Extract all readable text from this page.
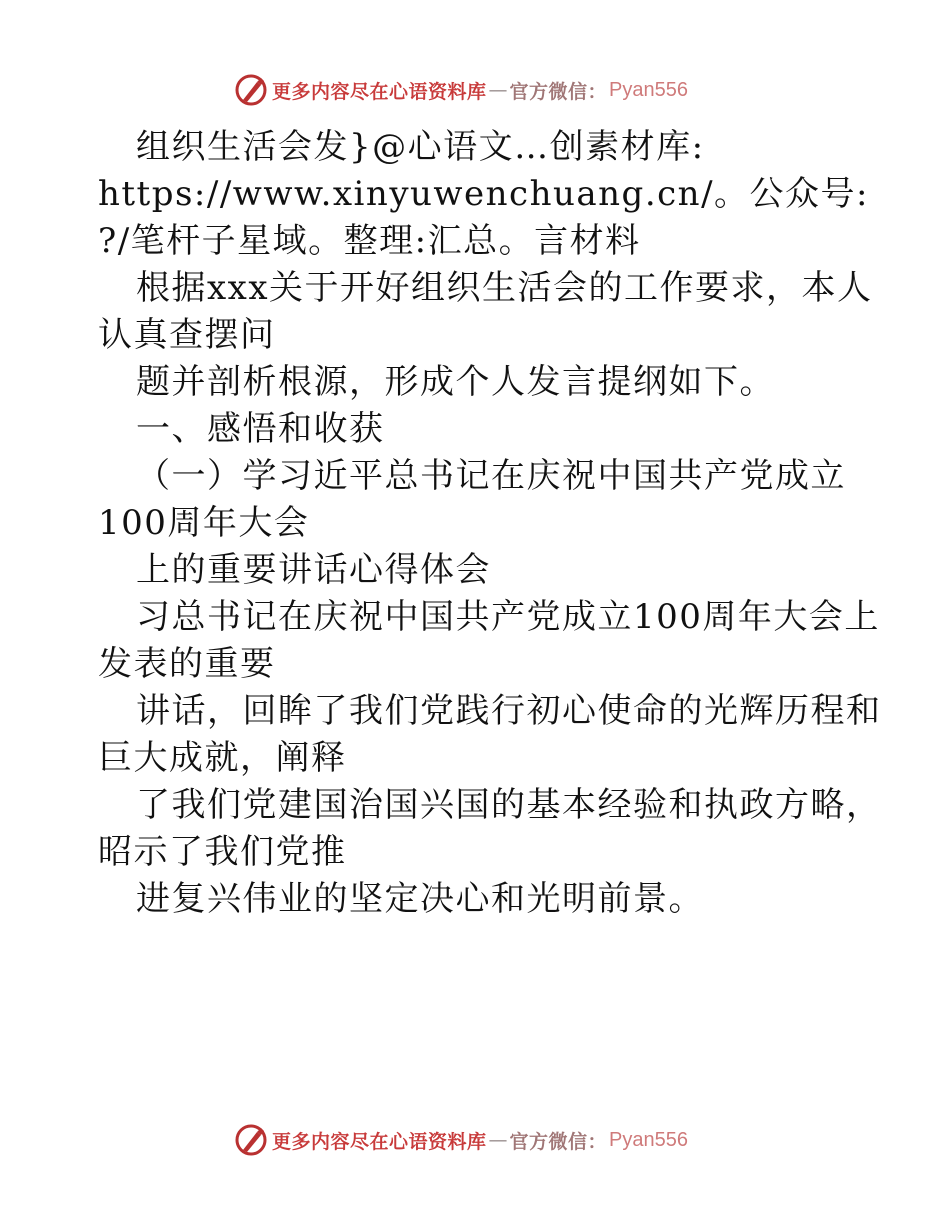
更多内容尽在心语资料库 — 官方微信： Pyan556

组织生活会发}@心语文…创素材库: https://www.xinyuwenchuang.cn/。公众号: ?/笔杆子星域。整理:汇总。言材料

根据xxx关于开好组织生活会的工作要求，本人认真查摆问

题并剖析根源，形成个人发言提纲如下。

一、感悟和收获

（一）学习近平总书记在庆祝中国共产党成立100周年大会

上的重要讲话心得体会

习总书记在庆祝中国共产党成立100周年大会上发表的重要

讲话，回眸了我们党践行初心使命的光辉历程和巨大成就，阐释

了我们党建国治国兴国的基本经验和执政方略，昭示了我们党推

进复兴伟业的坚定决心和光明前景。

更多内容尽在心语资料库 — 官方微信： Pyan556
